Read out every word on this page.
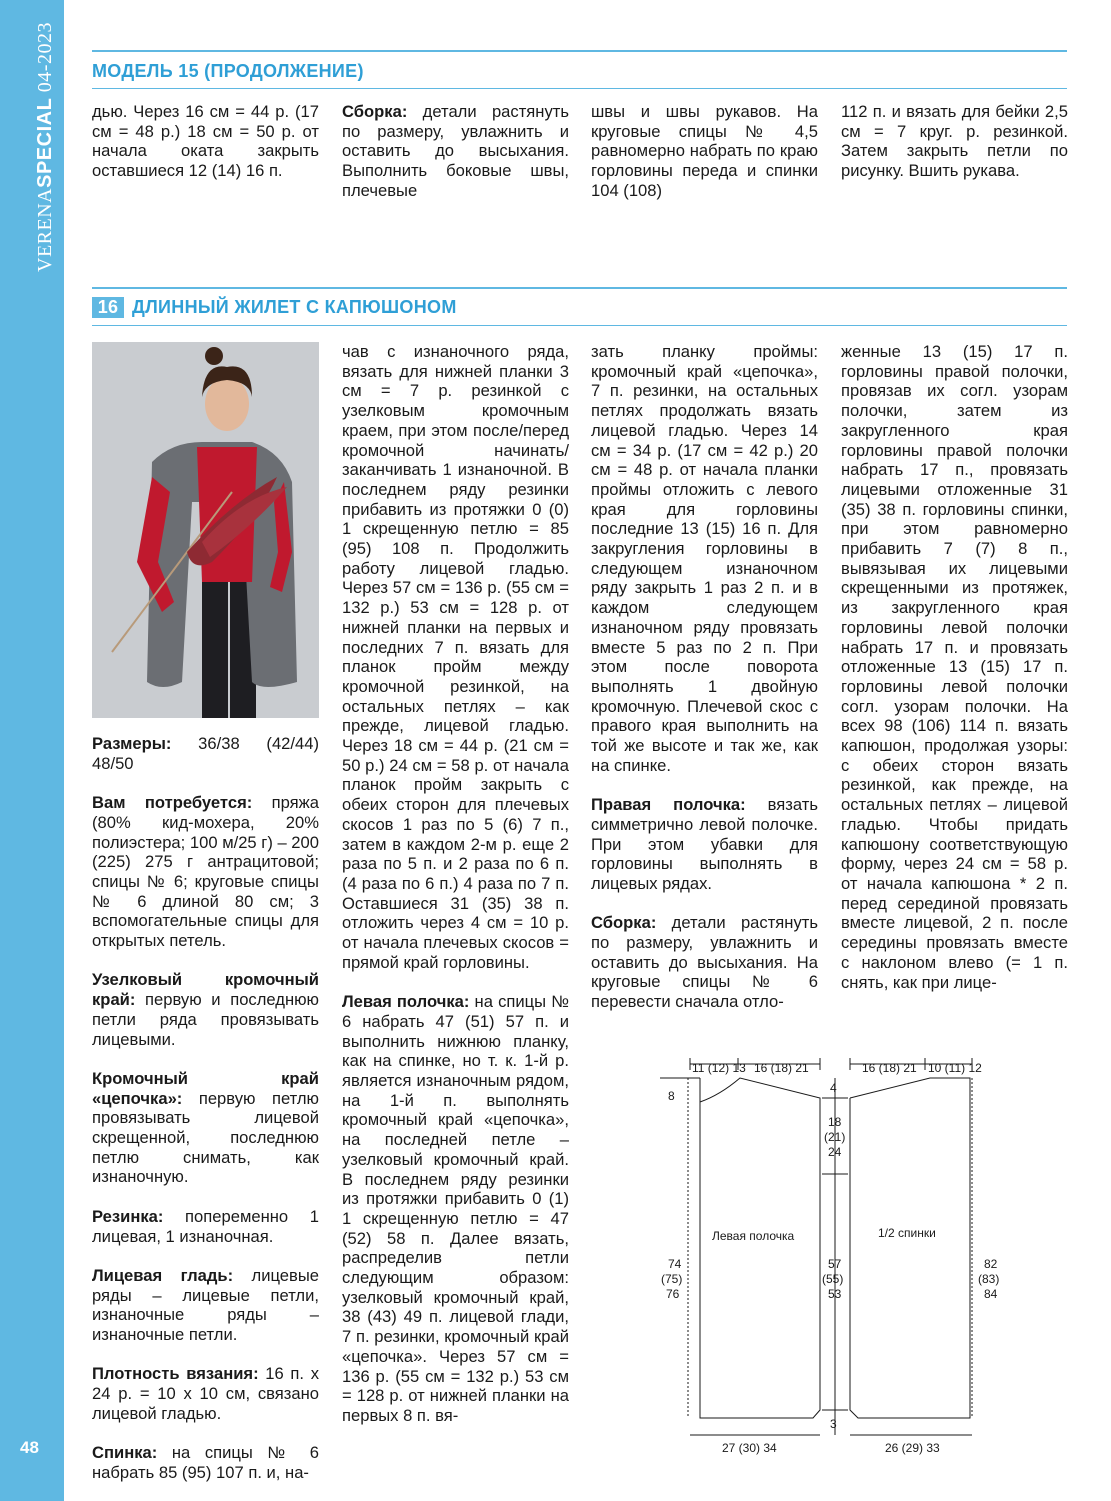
VERENASPECIAL 04-2023
48
МОДЕЛЬ 15 (ПРОДОЛЖЕНИЕ)

дью. Через 16 см = 44 р. (17 см = 48 р.) 18 см = 50 р. от начала оката закрыть оставшиеся 12 (14) 16 п.

Сборка: детали растянуть по размеру, увлажнить и оставить до высыхания. Выполнить боковые швы, плечевые

швы и швы рукавов. На круговые спицы № 4,5 равномерно набрать по краю горловины переда и спинки 104 (108)

112 п. и вязать для бейки 2,5 см = 7 круг. р. резинкой. Затем закрыть петли по рисунку. Вшить рукава.

16 ДЛИННЫЙ ЖИЛЕТ С КАПЮШОНОМ

Размеры: 36/38 (42/44) 48/50

Вам потребуется: пряжа (80% кид-мохера, 20% полиэстера; 100 м/25 г) – 200 (225) 275 г антрацитовой; спицы № 6; круговые спицы № 6 длиной 80 см; 3 вспомогательные спицы для открытых петель.

Узелковый кромочный край: первую и последнюю петли ряда провязывать лицевыми.

Кромочный край «цепочка»: первую петлю провязывать лицевой скрещенной, последнюю петлю снимать, как изнаночную.

Резинка: попеременно 1 лицевая, 1 изнаночная.

Лицевая гладь: лицевые ряды – лицевые петли, изнаночные ряды – изнаночные петли.

Плотность вязания: 16 п. х 24 р. = 10 х 10 см, связано лицевой гладью.

Спинка: на спицы № 6 набрать 85 (95) 107 п. и, на-

чав с изнаночного ряда, вязать для нижней планки 3 см = 7 р. резинкой с узелковым кромочным краем, при этом после/перед кромочной начинать/заканчивать 1 изнаночной. В последнем ряду резинки прибавить из протяжки 0 (0) 1 скрещенную петлю = 85 (95) 108 п. Продолжить работу лицевой гладью. Через 57 см = 136 р. (55 см = 132 р.) 53 см = 128 р. от нижней планки на первых и последних 7 п. вязать для планок пройм между кромочной резинкой, на остальных петлях – как прежде, лицевой гладью. Через 18 см = 44 р. (21 см = 50 р.) 24 см = 58 р. от начала планок пройм закрыть с обеих сторон для плечевых скосов 1 раз по 5 (6) 7 п., затем в каждом 2-м р. еще 2 раза по 5 п. и 2 раза по 6 п. (4 раза по 6 п.) 4 раза по 7 п. Оставшиеся 31 (35) 38 п. отложить через 4 см = 10 р. от начала плечевых скосов = прямой край горловины.

Левая полочка: на спицы № 6 набрать 47 (51) 57 п. и выполнить нижнюю планку, как на спинке, но т. к. 1-й р. является изнаночным рядом, на 1-й п. выполнять кромочный край «цепочка», на последней петле – узелковый кромочный край. В последнем ряду резинки из протяжки прибавить 0 (1) 1 скрещенную петлю = 47 (52) 58 п. Далее вязать, распределив петли следующим образом: узелковый кромочный край, 38 (43) 49 п. лицевой глади, 7 п. резинки, кромочный край «цепочка». Через 57 см = 136 р. (55 см = 132 р.) 53 см = 128 р. от нижней планки на первых 8 п. вя-

зать планку проймы: кромочный край «цепочка», 7 п. резинки, на остальных петлях продолжать вязать лицевой гладью. Через 14 см = 34 р. (17 см = 42 р.) 20 см = 48 р. от начала планки проймы отложить с левого края для горловины последние 13 (15) 16 п. Для закругления горловины в следующем изнаночном ряду закрыть 1 раз 2 п. и в каждом следующем изнаночном ряду провязать вместе 5 раз по 2 п. При этом после поворота выполнять 1 двойную кромочную. Плечевой скос с правого края выполнить на той же высоте и так же, как на спинке.

Правая полочка: вязать симметрично левой полочке. При этом убавки для горловины выполнять в лицевых рядах.

Сборка: детали растянуть по размеру, увлажнить и оставить до высыхания. На круговые спицы № 6 перевести сначала отло-

женные 13 (15) 17 п. горловины правой полочки, провязав их согл. узорам полочки, затем из закругленного края горловины правой полочки набрать 17 п., провязать лицевыми отложенные 31 (35) 38 п. горловины спинки, при этом равномерно прибавить 7 (7) 8 п., вывязывая их лицевыми скрещенными из протяжек, из закругленного края горловины левой полочки набрать 17 п. и провязать отложенные 13 (15) 17 п. горловины левой полочки согл. узорам полочки. На всех 98 (106) 114 п. вязать капюшон, продолжая узоры: с обеих сторон вязать резинкой, как прежде, на остальных петлях – лицевой гладью. Чтобы придать капюшону соответствующую форму, через 24 см = 58 р. от начала капюшона * 2 п. перед серединой провязать вместе лицевой, 2 п. после середины провязать вместе с наклоном влево (= 1 п. снять, как при лице-

11 (12) 13 16 (18) 21	16 (18) 21 10 (11) 12
8
4
18
(21)
24
Левая полочка	1/2 спинки
57
(55)
53
74
(75)
76
82
(83)
84
3
27 (30) 34	26 (29) 33
